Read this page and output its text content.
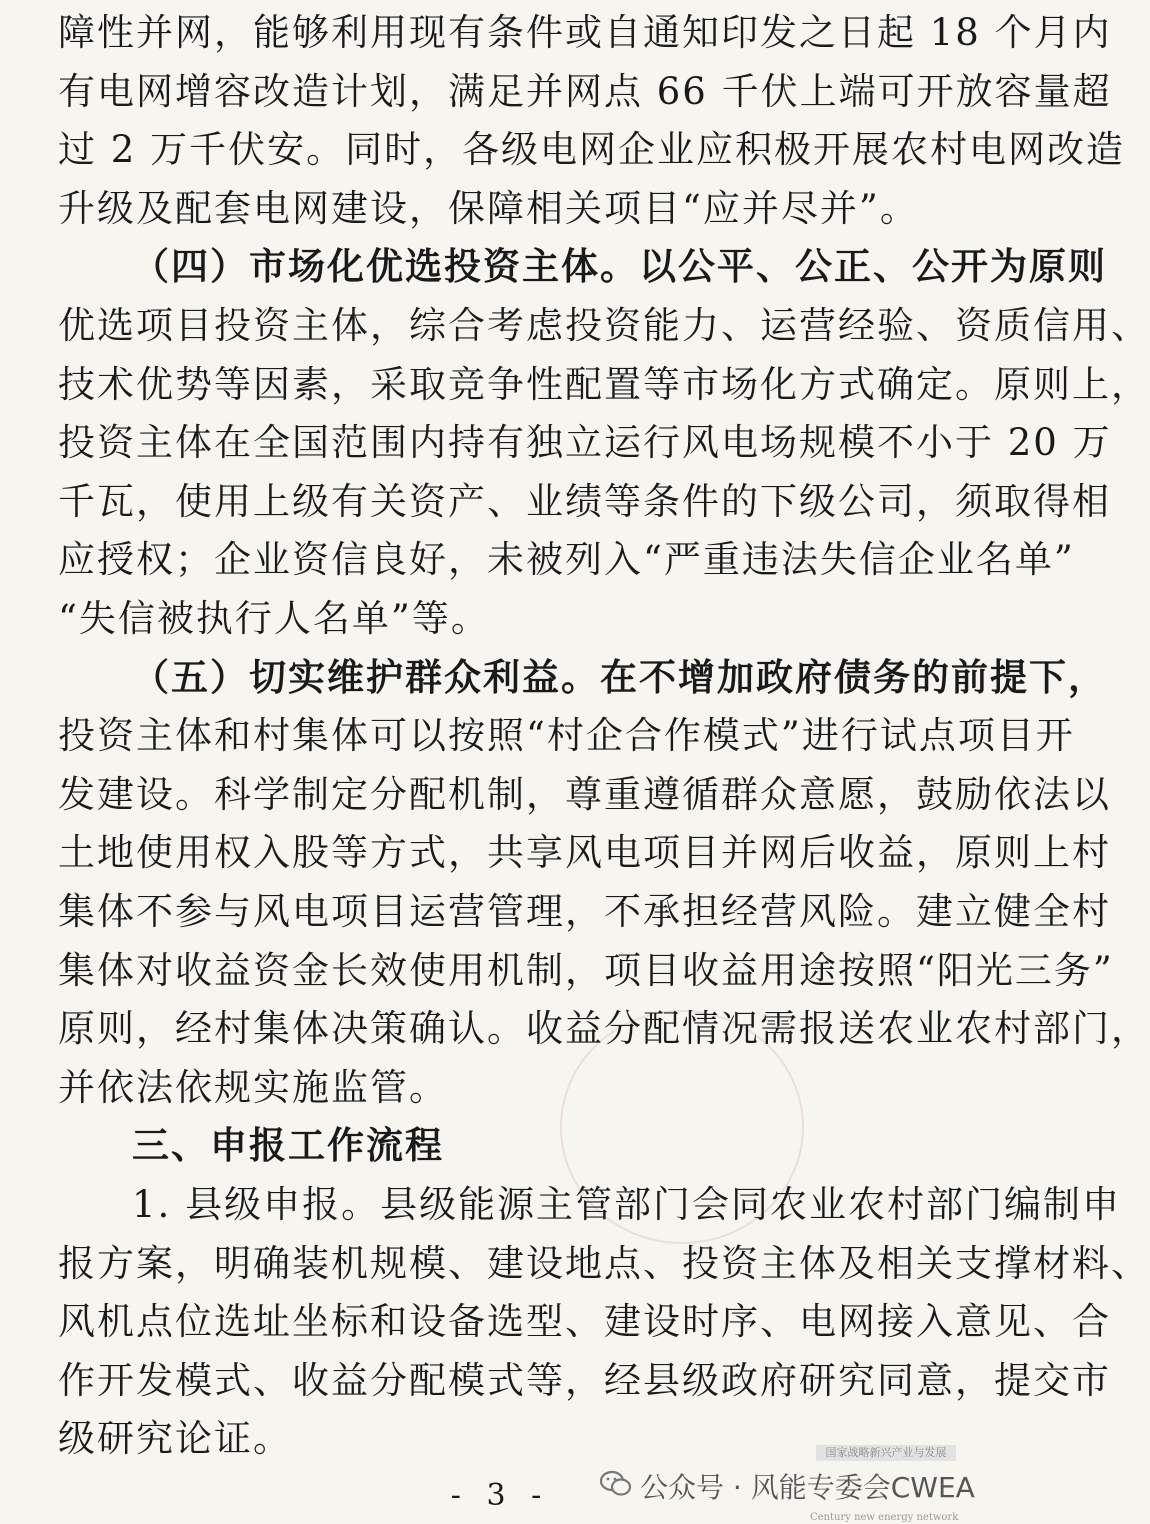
障性并网，能够利用现有条件或自通知印发之日起 18 个月内
有电网增容改造计划，满足并网点 66 千伏上端可开放容量超
过 2 万千伏安。同时，各级电网企业应积极开展农村电网改造
升级及配套电网建设，保障相关项目“应并尽并”。
（四）市场化优选投资主体。以公平、公正、公开为原则
优选项目投资主体，综合考虑投资能力、运营经验、资质信用、
技术优势等因素，采取竞争性配置等市场化方式确定。原则上，
投资主体在全国范围内持有独立运行风电场规模不小于 20 万
千瓦，使用上级有关资产、业绩等条件的下级公司，须取得相
应授权；企业资信良好，未被列入“严重违法失信企业名单”
“失信被执行人名单”等。
（五）切实维护群众利益。在不增加政府债务的前提下，
投资主体和村集体可以按照“村企合作模式”进行试点项目开
发建设。科学制定分配机制，尊重遵循群众意愿，鼓励依法以
土地使用权入股等方式，共享风电项目并网后收益，原则上村
集体不参与风电项目运营管理，不承担经营风险。建立健全村
集体对收益资金长效使用机制，项目收益用途按照“阳光三务”
原则，经村集体决策确认。收益分配情况需报送农业农村部门，
并依法依规实施监管。
三、申报工作流程
1. 县级申报。县级能源主管部门会同农业农村部门编制申
报方案，明确装机规模、建设地点、投资主体及相关支撑材料、
风机点位选址坐标和设备选型、建设时序、电网接入意见、合
作开发模式、收益分配模式等，经县级政府研究同意，提交市
级研究论证。
- 3 -
国家战略新兴产业与发展
公众号 · 风能专委会CWEA
Century new energy network
